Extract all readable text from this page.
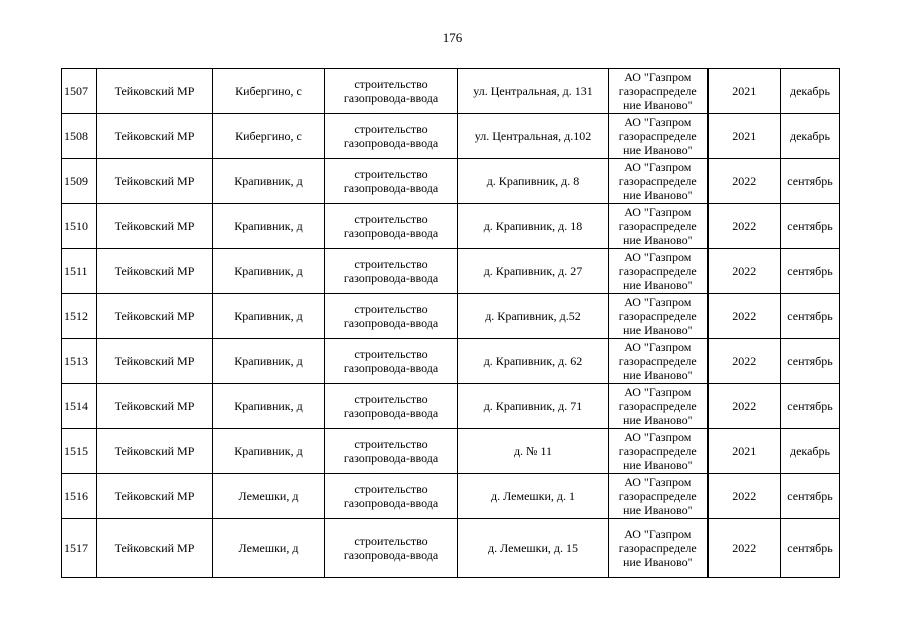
176
1507	Тейковский МР	Кибергино, с	строительство газопровода-ввода	ул. Центральная, д. 131	АО "Газпром газораспределе ние Иваново"	2021	декабрь
1508	Тейковский МР	Кибергино, с	строительство газопровода-ввода	ул. Центральная, д.102	АО "Газпром газораспределе ние Иваново"	2021	декабрь
1509	Тейковский МР	Крапивник, д	строительство газопровода-ввода	д. Крапивник, д. 8	АО "Газпром газораспределе ние Иваново"	2022	сентябрь
1510	Тейковский МР	Крапивник, д	строительство газопровода-ввода	д. Крапивник, д. 18	АО "Газпром газораспределе ние Иваново"	2022	сентябрь
1511	Тейковский МР	Крапивник, д	строительство газопровода-ввода	д. Крапивник, д. 27	АО "Газпром газораспределе ние Иваново"	2022	сентябрь
1512	Тейковский МР	Крапивник, д	строительство газопровода-ввода	д. Крапивник, д.52	АО "Газпром газораспределе ние Иваново"	2022	сентябрь
1513	Тейковский МР	Крапивник, д	строительство газопровода-ввода	д. Крапивник, д. 62	АО "Газпром газораспределе ние Иваново"	2022	сентябрь
1514	Тейковский МР	Крапивник, д	строительство газопровода-ввода	д. Крапивник, д. 71	АО "Газпром газораспределе ние Иваново"	2022	сентябрь
1515	Тейковский МР	Крапивник, д	строительство газопровода-ввода	д. № 11	АО "Газпром газораспределе ние Иваново"	2021	декабрь
1516	Тейковский МР	Лемешки, д	строительство газопровода-ввода	д. Лемешки, д. 1	АО "Газпром газораспределе ние Иваново"	2022	сентябрь
1517	Тейковский МР	Лемешки, д	строительство газопровода-ввода	д. Лемешки, д. 15	АО "Газпром газораспределе ние Иваново"	2022	сентябрь
